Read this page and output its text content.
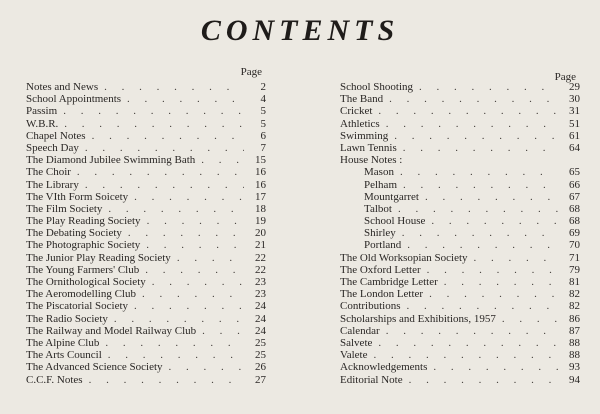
CONTENTS
Page
Notes and News . . .	2
School Appointments . . .	4
Passim . . .	5
W.B.R. . . .	5
Chapel Notes . . .	6
Speech Day . . .	7
The Diamond Jubilee Swimming Bath . . .	15
The Choir . . .	16
The Library . . .	16
The VIth Form Soicety . . .	17
The Film Society . . .	18
The Play Reading Society . . .	19
The Debating Society . . .	20
The Photographic Society . . .	21
The Junior Play Reading Society . . .	22
The Young Farmers' Club . . .	22
The Ornithological Society . . .	23
The Aeromodelling Club . . .	23
The Piscatorial Society . . .	24
The Radio Society . . .	24
The Railway and Model Railway Club . . .	24
The Alpine Club . . .	25
The Arts Council . . .	25
The Advanced Science Society . . .	26
C.C.F. Notes . . .	27
Page
School Shooting . . .	29
The Band . . .	30
Cricket . . .	31
Athletics . . .	51
Swimming . . .	61
Lawn Tennis . . .	64
House Notes :
Mason . . .	65
Pelham . . .	66
Mountgarret . . .	67
Talbot . . .	68
School House . . .	68
Shirley . . .	69
Portland . . .	70
The Old Worksopian Society . . .	71
The Oxford Letter . . .	79
The Cambridge Letter . . .	81
The London Letter . . .	82
Contributions . . .	82
Scholarships and Exhibitions, 1957 . . .	86
Calendar . . .	87
Salvete . . .	88
Valete . . .	88
Acknowledgements . . .	93
Editorial Note . . .	94
